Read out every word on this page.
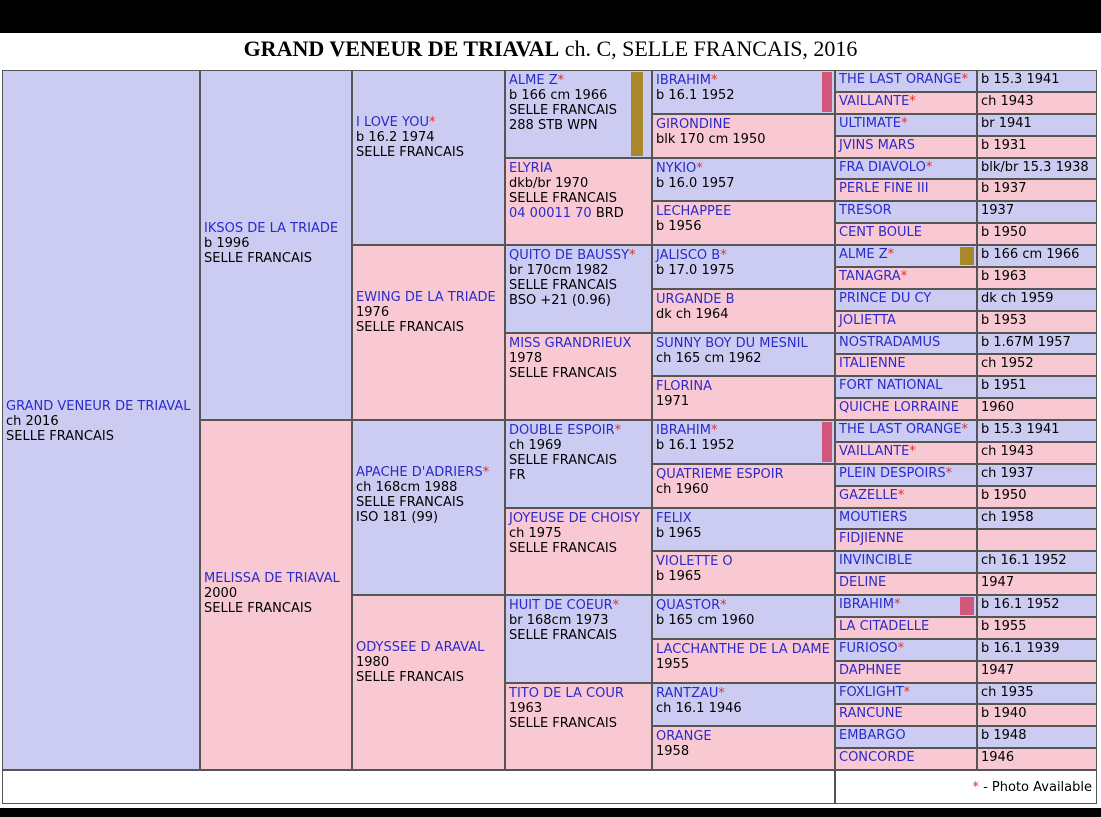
GRAND VENEUR DE TRIAVAL ch. C, SELLE FRANCAIS, 2016
GRAND VENEUR DE TRIAVAL
ch 2016
SELLE FRANCAIS
IKSOS DE LA TRIADE
b 1996
SELLE FRANCAIS
MELISSA DE TRIAVAL
2000
SELLE FRANCAIS
I LOVE YOU*
b 16.2 1974
SELLE FRANCAIS
EWING DE LA TRIADE
1976
SELLE FRANCAIS
APACHE D'ADRIERS*
ch 168cm 1988
SELLE FRANCAIS
ISO 181 (99)
ODYSSEE D ARAVAL
1980
SELLE FRANCAIS
ALME Z*
b 166 cm 1966
SELLE FRANCAIS
288 STB WPN
ELYRIA
dkb/br 1970
SELLE FRANCAIS
04 00011 70 BRD
QUITO DE BAUSSY*
br 170cm 1982
SELLE FRANCAIS
BSO +21 (0.96)
MISS GRANDRIEUX
1978
SELLE FRANCAIS
DOUBLE ESPOIR*
ch 1969
SELLE FRANCAIS
FR
JOYEUSE DE CHOISY
ch 1975
SELLE FRANCAIS
HUIT DE COEUR*
br 168cm 1973
SELLE FRANCAIS
TITO DE LA COUR
1963
SELLE FRANCAIS
IBRAHIM*
b 16.1 1952
GIRONDINE
blk 170 cm 1950
NYKIO*
b 16.0 1957
LECHAPPEE
b 1956
JALISCO B*
b 17.0 1975
URGANDE B
dk ch 1964
SUNNY BOY DU MESNIL
ch 165 cm 1962
FLORINA
1971
IBRAHIM*
b 16.1 1952
QUATRIEME ESPOIR
ch 1960
FELIX
b 1965
VIOLETTE O
b 1965
QUASTOR*
b 165 cm 1960
LACCHANTHE DE LA DAME
1955
RANTZAU*
ch 16.1 1946
ORANGE
1958
THE LAST ORANGE*	b 15.3 1941
VAILLANTE*	ch 1943
ULTIMATE*	br 1941
JVINS MARS	b 1931
FRA DIAVOLO*	blk/br 15.3 1938
PERLE FINE III	b 1937
TRESOR	1937
CENT BOULE	b 1950
ALME Z*	b 166 cm 1966
TANAGRA*	b 1963
PRINCE DU CY	dk ch 1959
JOLIETTA	b 1953
NOSTRADAMUS	b 1.67M 1957
ITALIENNE	ch 1952
FORT NATIONAL	b 1951
QUICHE LORRAINE	1960
THE LAST ORANGE*	b 15.3 1941
VAILLANTE*	ch 1943
PLEIN DESPOIRS*	ch 1937
GAZELLE*	b 1950
MOUTIERS	ch 1958
FIDJIENNE
INVINCIBLE	ch 16.1 1952
DELINE	1947
IBRAHIM*	b 16.1 1952
LA CITADELLE	b 1955
FURIOSO*	b 16.1 1939
DAPHNEE	1947
FOXLIGHT*	ch 1935
RANCUNE	b 1940
EMBARGO	b 1948
CONCORDE	1946
* - Photo Available
